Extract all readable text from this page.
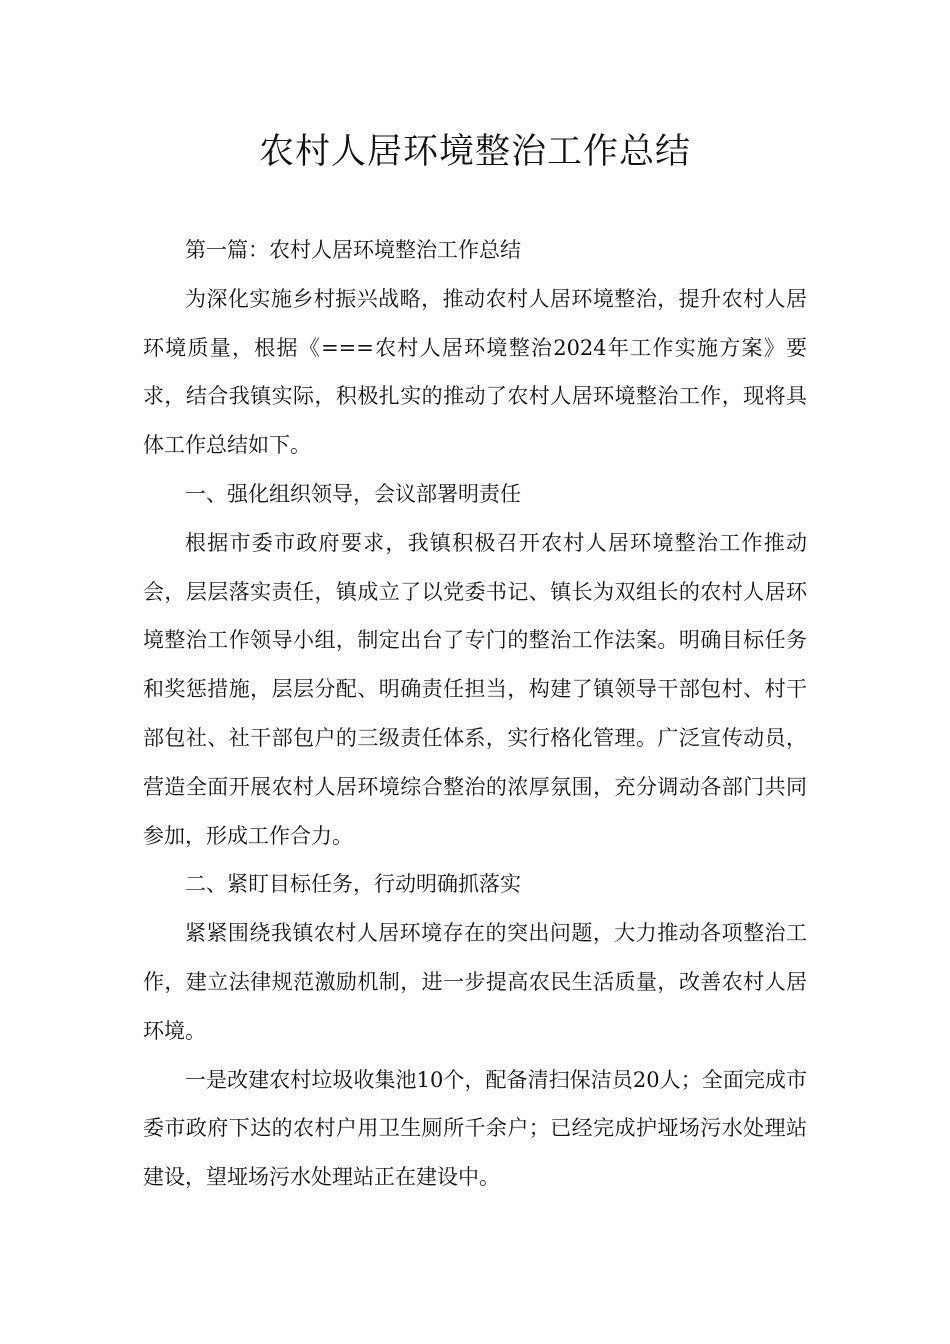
农村人居环境整治工作总结

第一篇：农村人居环境整治工作总结

为深化实施乡村振兴战略，推动农村人居环境整治，提升农村人居环境质量，根据《===农村人居环境整治2024年工作实施方案》要求，结合我镇实际，积极扎实的推动了农村人居环境整治工作，现将具体工作总结如下。

一、强化组织领导，会议部署明责任

根据市委市政府要求，我镇积极召开农村人居环境整治工作推动会，层层落实责任，镇成立了以党委书记、镇长为双组长的农村人居环境整治工作领导小组，制定出台了专门的整治工作法案。明确目标任务和奖惩措施，层层分配、明确责任担当，构建了镇领导干部包村、村干部包社、社干部包户的三级责任体系，实行格化管理。广泛宣传动员，营造全面开展农村人居环境综合整治的浓厚氛围，充分调动各部门共同参加，形成工作合力。

二、紧盯目标任务，行动明确抓落实

紧紧围绕我镇农村人居环境存在的突出问题，大力推动各项整治工作，建立法律规范激励机制，进一步提高农民生活质量，改善农村人居环境。

一是改建农村垃圾收集池10个，配备清扫保洁员20人；全面完成市委市政府下达的农村户用卫生厕所千余户；已经完成护垭场污水处理站建设，望垭场污水处理站正在建设中。
